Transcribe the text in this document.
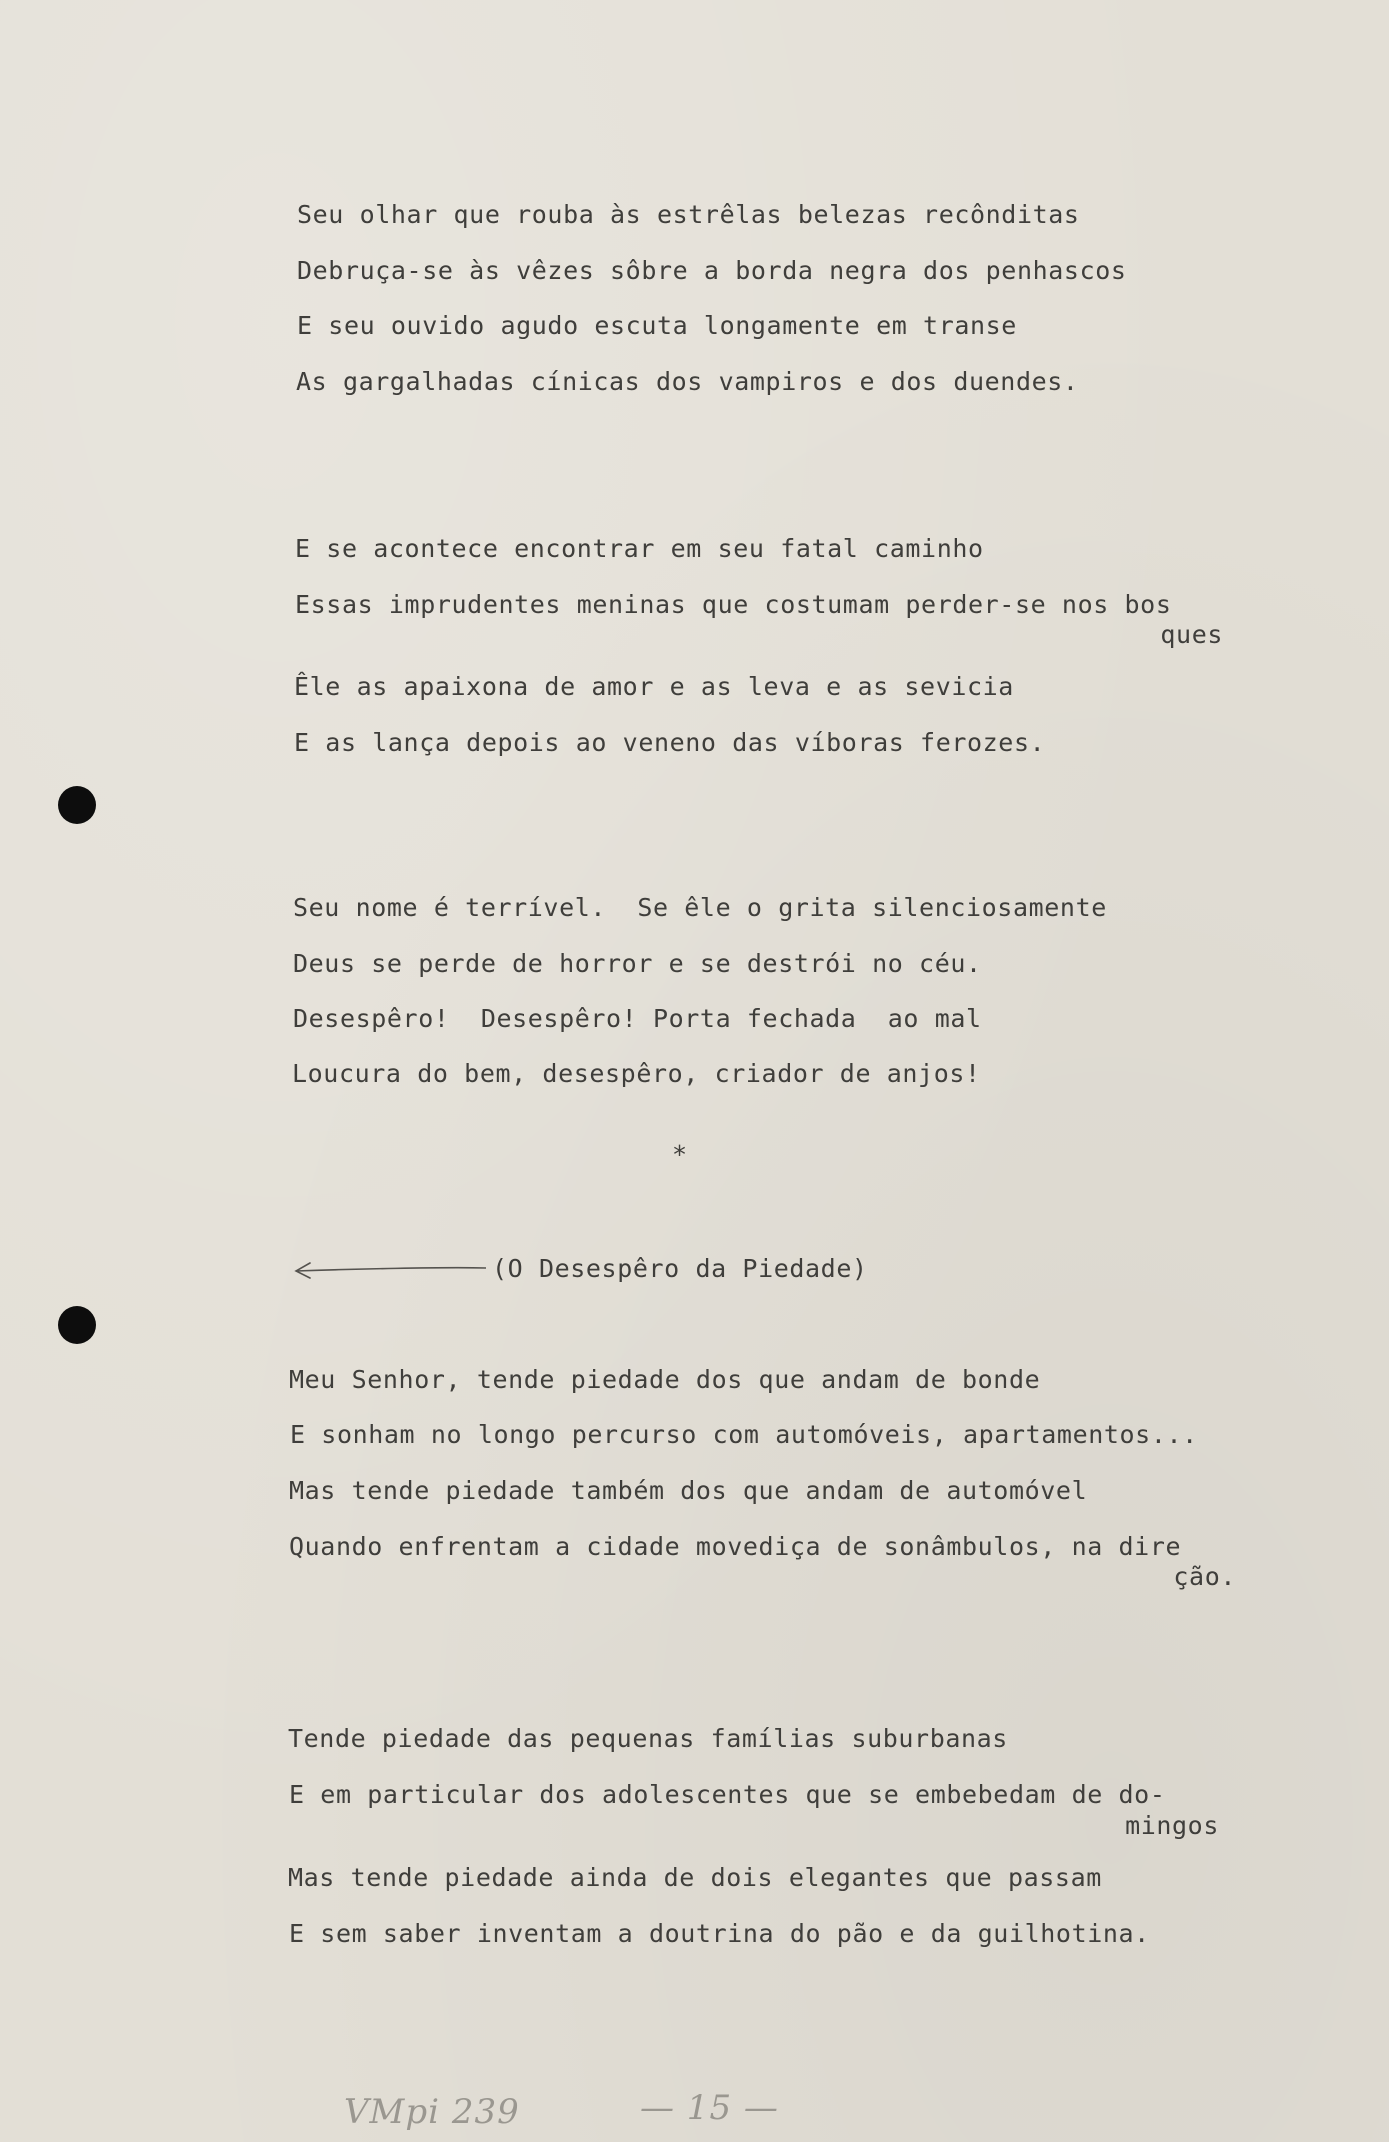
Seu olhar que rouba às estrêlas belezas recônditas
Debruça-se às vêzes sôbre a borda negra dos penhascos
E seu ouvido agudo escuta longamente em transe
As gargalhadas cínicas dos vampiros e dos duendes.
E se acontece encontrar em seu fatal caminho
Essas imprudentes meninas que costumam perder-se nos bos
ques
Êle as apaixona de amor e as leva e as sevicia
E as lança depois ao veneno das víboras ferozes.
Seu nome é terrível.  Se êle o grita silenciosamente
Deus se perde de horror e se destrói no céu.
Desespêro!  Desespêro! Porta fechada  ao mal
Loucura do bem, desespêro, criador de anjos!
*
(O Desespêro da Piedade)
Meu Senhor, tende piedade dos que andam de bonde
E sonham no longo percurso com automóveis, apartamentos...
Mas tende piedade também dos que andam de automóvel
Quando enfrentam a cidade movediça de sonâmbulos, na dire
ção.
Tende piedade das pequenas famílias suburbanas
E em particular dos adolescentes que se embebedam de do-
mingos
Mas tende piedade ainda de dois elegantes que passam
E sem saber inventam a doutrina do pão e da guilhotina.
VMpi 239	— 15 —
